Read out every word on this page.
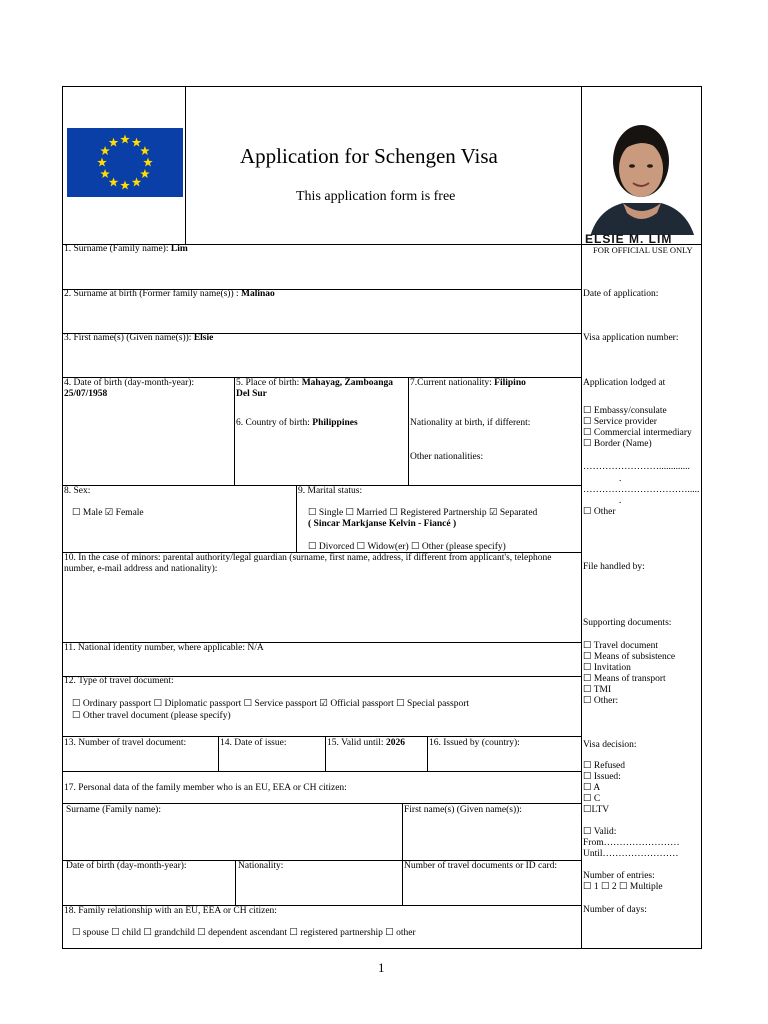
Application for Schengen Visa
This application form is free
ELSIE M. LIM
1. Surname (Family name): Lim
2. Surname at birth (Former family name(s)) : Malinao
3. First name(s) (Given name(s)): Elsie
4. Date of birth (day-month-year):
25/07/1958
5. Place of birth: Mahayag, Zamboanga Del Sur
6. Country of birth: Philippines
7.Current nationality: Filipino
Nationality at birth, if different:
Other nationalities:
8. Sex:
☐ Male ☑ Female
9. Marital status:
☐ Single ☐ Married ☐ Registered Partnership ☑ Separated
( Sincar Markjanse Kelvin - Fiancé )
☐ Divorced ☐ Widow(er) ☐ Other (please specify)
10. In the case of minors: parental authority/legal guardian (surname, first name, address, if different from applicant's, telephone number, e-mail address and nationality):
11. National identity number, where applicable: N/A
12. Type of travel document:
☐ Ordinary passport ☐ Diplomatic passport ☐ Service passport ☑ Official passport ☐ Special passport
☐ Other travel document (please specify)
13. Number of travel document:	14. Date of issue:	15. Valid until: 2026	16. Issued by (country):
17. Personal data of the family member who is an EU, EEA or CH citizen:
Surname (Family name):	First name(s) (Given name(s)):
Date of birth (day-month-year):	Nationality:	Number of travel documents or ID card:
18. Family relationship with an EU, EEA or CH citizen:
☐ spouse ☐ child ☐ grandchild ☐ dependent ascendant ☐ registered partnership ☐ other
FOR OFFICIAL USE ONLY
Date of application:
Visa application number:
Application lodged at
☐ Embassy/consulate
☐ Service provider
☐ Commercial intermediary
☐ Border (Name)
…………………….............
.
…………………………….....
.
☐ Other
File handled by:
Supporting documents:
☐ Travel document
☐ Means of subsistence
☐ Invitation
☐ Means of transport
☐ TMI
☐ Other:
Visa decision:
☐ Refused
☐ Issued:
☐ A
☐ C
☐LTV
☐ Valid:
From……………………
Until……………………
Number of entries:
☐ 1 ☐ 2 ☐ Multiple
Number of days:
1
